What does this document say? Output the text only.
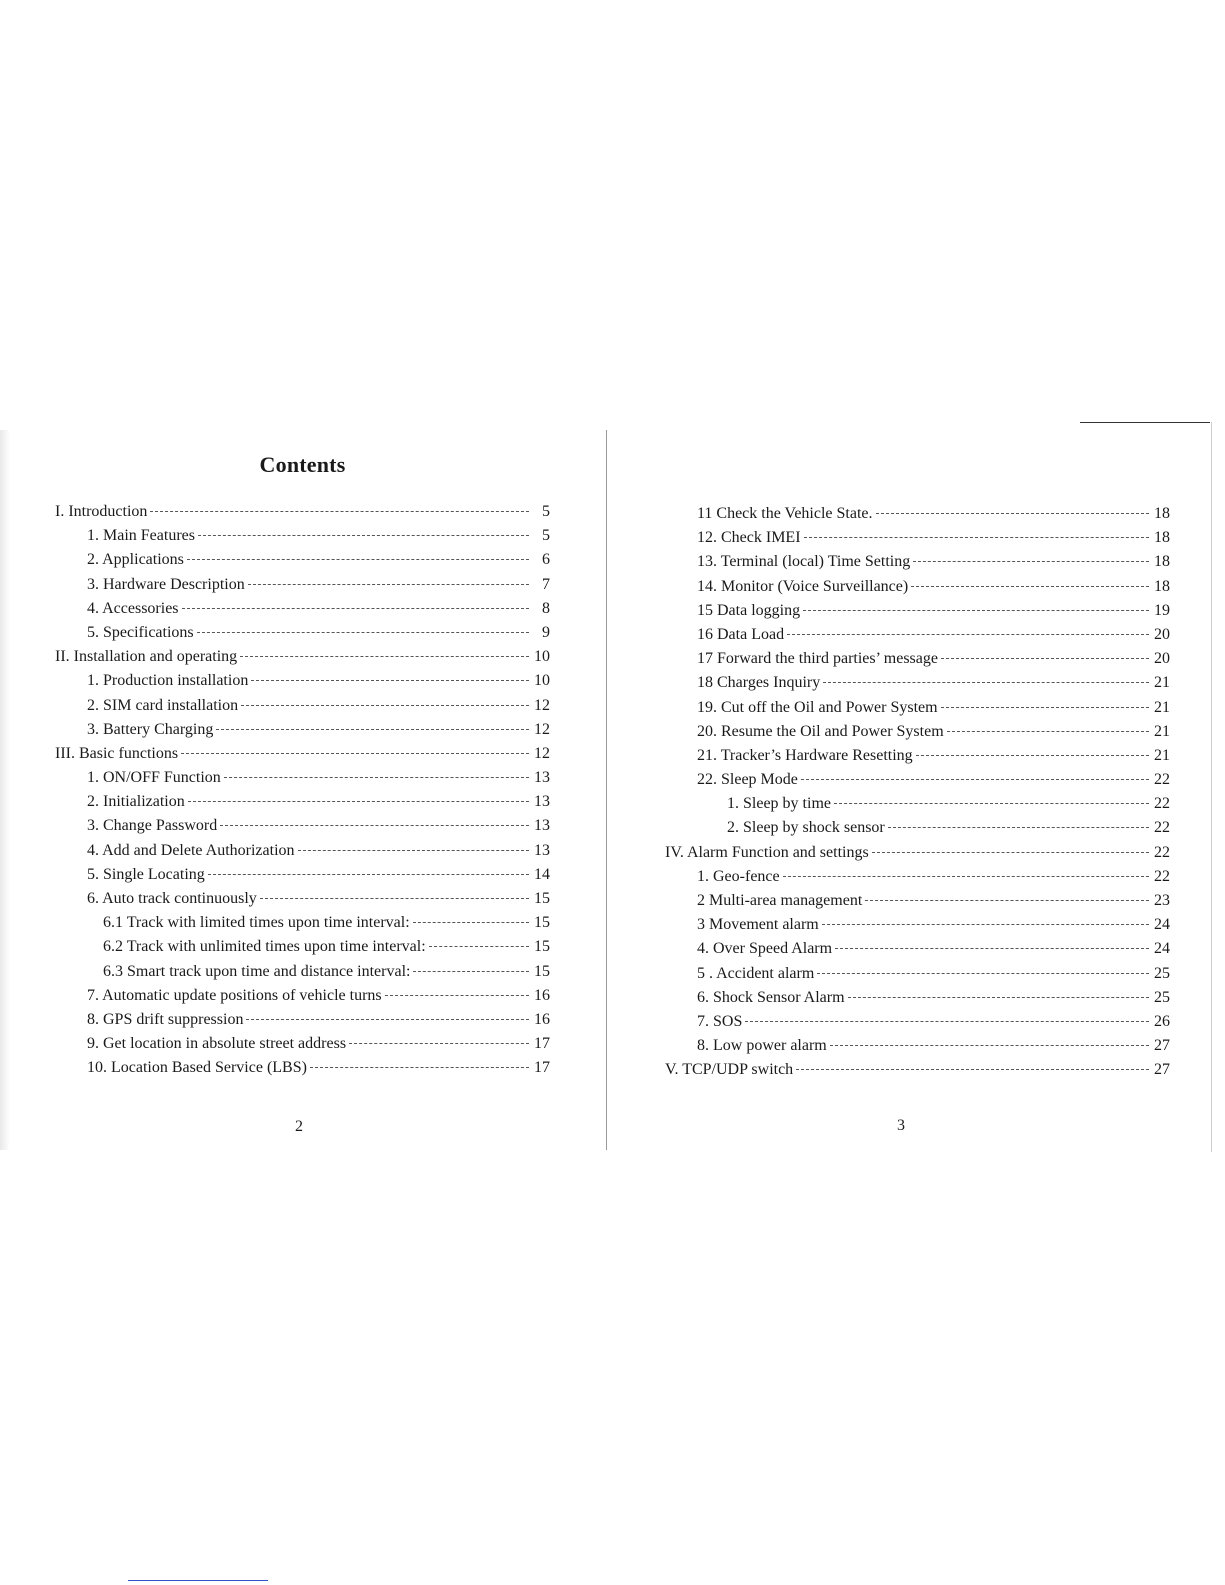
Contents
I. Introduction	5
1. Main Features	5
2. Applications	6
3. Hardware Description	7
4. Accessories	8
5. Specifications	9
II. Installation and operating	10
1. Production installation	10
2. SIM card installation	12
3. Battery Charging	12
III. Basic functions	12
1. ON/OFF Function	13
2. Initialization	13
3. Change Password	13
4. Add and Delete Authorization	13
5. Single Locating	14
6. Auto track continuously	15
6.1 Track with limited times upon time interval:	15
6.2 Track with unlimited times upon time interval:	15
6.3 Smart track upon time and distance interval:	15
7. Automatic update positions of vehicle turns	16
8. GPS drift suppression	16
9. Get location in absolute street address	17
10. Location Based Service (LBS)	17
2
11 Check the Vehicle State.	18
12. Check IMEI	18
13. Terminal (local) Time Setting	18
14. Monitor (Voice Surveillance)	18
15 Data logging	19
16 Data Load	20
17 Forward the third parties’ message	20
18 Charges Inquiry	21
19. Cut off the Oil and Power System	21
20. Resume the Oil and Power System	21
21. Tracker’s Hardware Resetting	21
22. Sleep Mode	22
1. Sleep by time	22
2. Sleep by shock sensor	22
IV. Alarm Function and settings	22
1. Geo-fence	22
2 Multi-area management	23
3 Movement alarm	24
4. Over Speed Alarm	24
5 . Accident alarm	25
6. Shock Sensor Alarm	25
7. SOS	26
8. Low power alarm	27
V. TCP/UDP switch	27
3
